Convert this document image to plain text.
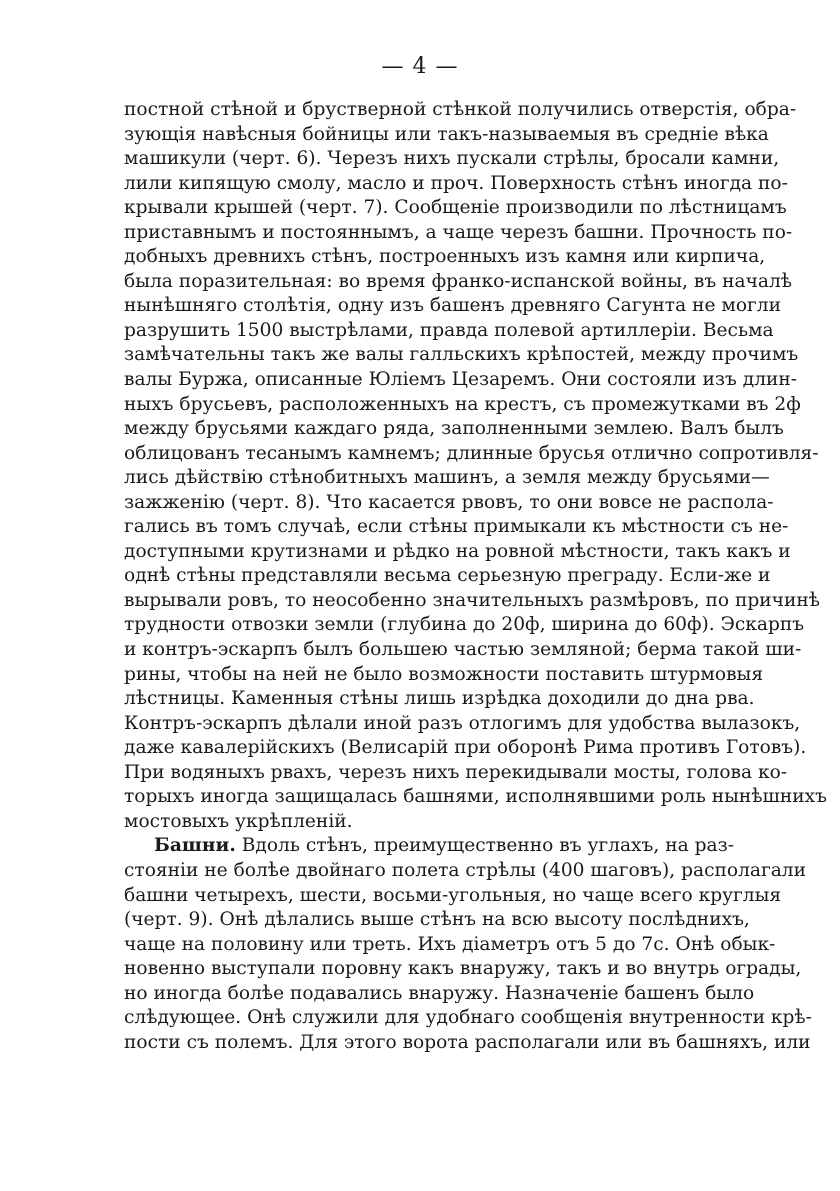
— 4 —
постной стѣной и брустверной стѣнкой получились отверстія, обра-
зующія навѣсныя бойницы или такъ-называемыя въ средніе вѣка
машикули (черт. 6). Черезъ нихъ пускали стрѣлы, бросали камни,
лили кипящую смолу, масло и проч. Поверхность стѣнъ иногда по-
крывали крышей (черт. 7). Сообщеніе производили по лѣстницамъ
приставнымъ и постояннымъ, а чаще черезъ башни. Прочность по-
добныхъ древнихъ стѣнъ, построенныхъ изъ камня или кирпича,
была поразительная: во время франко-испанской войны, въ началѣ
нынѣшняго столѣтія, одну изъ башенъ древняго Сагунта не могли
разрушить 1500 выстрѣлами, правда полевой артиллеріи. Весьма
замѣчательны такъ же валы галльскихъ крѣпостей, между прочимъ
валы Буржа, описанные Юліемъ Цезаремъ. Они состояли изъ длин-
ныхъ брусьевъ, расположенныхъ на крестъ, съ промежутками въ 2ф
между брусьями каждаго ряда, заполненными землею. Валъ былъ
облицованъ тесанымъ камнемъ; длинные брусья отлично сопротивля-
лись дѣйствію стѣнобитныхъ машинъ, а земля между брусьями—
зажженію (черт. 8). Что касается рвовъ, то они вовсе не распола-
гались въ томъ случаѣ, если стѣны примыкали къ мѣстности съ не-
доступными крутизнами и рѣдко на ровной мѣстности, такъ какъ и
однѣ стѣны представляли весьма серьезную преграду. Если-же и
вырывали ровъ, то неособенно значительныхъ размѣровъ, по причинѣ
трудности отвозки земли (глубина до 20ф, ширина до 60ф). Эскарпъ
и контръ-эскарпъ былъ большею частью земляной; берма такой ши-
рины, чтобы на ней не было возможности поставить штурмовыя
лѣстницы. Каменныя стѣны лишь изрѣдка доходили до дна рва.
Контръ-эскарпъ дѣлали иной разъ отлогимъ для удобства вылазокъ,
даже кавалерійскихъ (Велисарій при оборонѣ Рима противъ Готовъ).
При водяныхъ рвахъ, черезъ нихъ перекидывали мосты, голова ко-
торыхъ иногда защищалась башнями, исполнявшими роль нынѣшнихъ
мостовыхъ укрѣпленій.
Башни. Вдоль стѣнъ, преимущественно въ углахъ, на раз-
стояніи не болѣе двойнаго полета стрѣлы (400 шаговъ), располагали
башни четырехъ, шести, восьми-угольныя, но чаще всего круглыя
(черт. 9). Онѣ дѣлались выше стѣнъ на всю высоту послѣднихъ,
чаще на половину или треть. Ихъ діаметръ отъ 5 до 7с. Онѣ обык-
новенно выступали поровну какъ внаружу, такъ и во внутрь ограды,
но иногда болѣе подавались внаружу. Назначеніе башенъ было
слѣдующее. Онѣ служили для удобнаго сообщенія внутренности крѣ-
пости съ полемъ. Для этого ворота располагали или въ башняхъ, или
